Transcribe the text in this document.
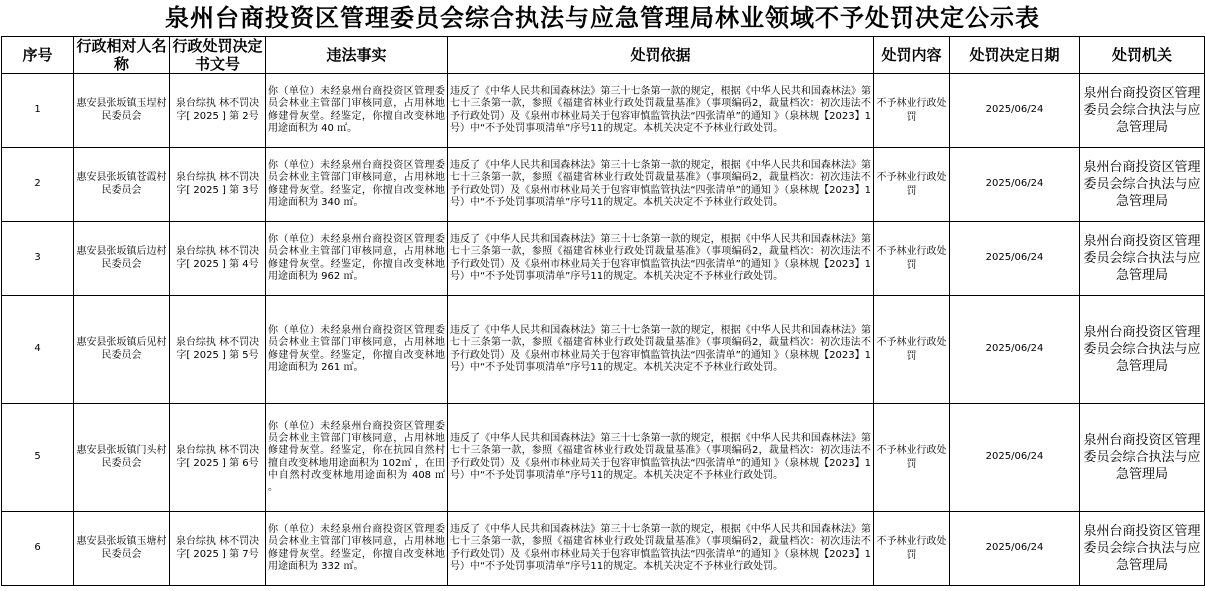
泉州台商投资区管理委员会综合执法与应急管理局林业领域不予处罚决定公示表
序号	行政相对人名称	行政处罚决定书文号	违法事实	处罚依据	处罚内容	处罚决定日期	处罚机关
1	惠安县张坂镇玉埕村民委员会	泉台综执 林不罚决字[ 2025 ] 第 2号	你（单位）未经泉州台商投资区管理委员会林业主管部门审核同意，占用林地修建骨灰堂。经鉴定，你擅自改变林地用途面积为 40 ㎡。	违反了《中华人民共和国森林法》第三十七条第一款的规定，根据《中华人民共和国森林法》第七十三条第一款，参照《福建省林业行政处罚裁量基准》（事项编码2，裁量档次：初次违法不予行政处罚）及《泉州市林业局关于包容审慎监管执法“四张清单”的通知 》（泉林规【2023】1号）中“不予处罚事项清单”序号11的规定。本机关决定不予林业行政处罚。	不予林业行政处罚	2025/06/24	泉州台商投资区管理委员会综合执法与应急管理局
2	惠安县张坂镇苍霞村民委员会	泉台综执 林不罚决字[ 2025 ] 第 3号	你（单位）未经泉州台商投资区管理委员会林业主管部门审核同意，占用林地修建骨灰堂。经鉴定，你擅自改变林地用途面积为 340 ㎡。	违反了《中华人民共和国森林法》第三十七条第一款的规定，根据《中华人民共和国森林法》第七十三条第一款，参照《福建省林业行政处罚裁量基准》（事项编码2，裁量档次：初次违法不予行政处罚）及《泉州市林业局关于包容审慎监管执法“四张清单”的通知 》（泉林规【2023】1号）中“不予处罚事项清单”序号11的规定。本机关决定不予林业行政处罚。	不予林业行政处罚	2025/06/24	泉州台商投资区管理委员会综合执法与应急管理局
3	惠安县张坂镇后边村民委员会	泉台综执 林不罚决字[ 2025 ] 第 4号	你（单位）未经泉州台商投资区管理委员会林业主管部门审核同意，占用林地修建骨灰堂。经鉴定，你擅自改变林地用途面积为 962 ㎡。	违反了《中华人民共和国森林法》第三十七条第一款的规定，根据《中华人民共和国森林法》第七十三条第一款，参照《福建省林业行政处罚裁量基准》（事项编码2，裁量档次：初次违法不予行政处罚）及《泉州市林业局关于包容审慎监管执法“四张清单”的通知 》（泉林规【2023】1号）中“不予处罚事项清单”序号11的规定。本机关决定不予林业行政处罚。	不予林业行政处罚	2025/06/24	泉州台商投资区管理委员会综合执法与应急管理局
4	惠安县张坂镇后见村民委员会	泉台综执 林不罚决字[ 2025 ] 第 5号	你（单位）未经泉州台商投资区管理委员会林业主管部门审核同意，占用林地修建骨灰堂。经鉴定，你擅自改变林地用途面积为 261 ㎡。	违反了《中华人民共和国森林法》第三十七条第一款的规定，根据《中华人民共和国森林法》第七十三条第一款，参照《福建省林业行政处罚裁量基准》（事项编码2，裁量档次：初次违法不予行政处罚）及《泉州市林业局关于包容审慎监管执法“四张清单”的通知 》（泉林规【2023】1号）中“不予处罚事项清单”序号11的规定。本机关决定不予林业行政处罚。	不予林业行政处罚	2025/06/24	泉州台商投资区管理委员会综合执法与应急管理局
5	惠安县张坂镇门头村民委员会	泉台综执 林不罚决字[ 2025 ] 第 6号	你（单位）未经泉州台商投资区管理委员会林业主管部门审核同意，占用林地修建骨灰堂。经鉴定，你在抗园自然村擅自改变林地用途面积为 102㎡ ，在田中自然村改变林地用途面积为 408 ㎡ 。	违反了《中华人民共和国森林法》第三十七条第一款的规定，根据《中华人民共和国森林法》第七十三条第一款，参照《福建省林业行政处罚裁量基准》（事项编码2，裁量档次：初次违法不予行政处罚）及《泉州市林业局关于包容审慎监管执法“四张清单”的通知 》（泉林规【2023】1号）中“不予处罚事项清单”序号11的规定。本机关决定不予林业行政处罚。	不予林业行政处罚	2025/06/24	泉州台商投资区管理委员会综合执法与应急管理局
6	惠安县张坂镇玉塘村民委员会	泉台综执 林不罚决字[ 2025 ] 第 7号	你（单位）未经泉州台商投资区管理委员会林业主管部门审核同意，占用林地修建骨灰堂。经鉴定，你擅自改变林地用途面积为 332 ㎡。	违反了《中华人民共和国森林法》第三十七条第一款的规定，根据《中华人民共和国森林法》第七十三条第一款，参照《福建省林业行政处罚裁量基准》（事项编码2，裁量档次：初次违法不予行政处罚）及《泉州市林业局关于包容审慎监管执法“四张清单”的通知 》（泉林规【2023】1号）中“不予处罚事项清单”序号11的规定。本机关决定不予林业行政处罚。	不予林业行政处罚	2025/06/24	泉州台商投资区管理委员会综合执法与应急管理局
